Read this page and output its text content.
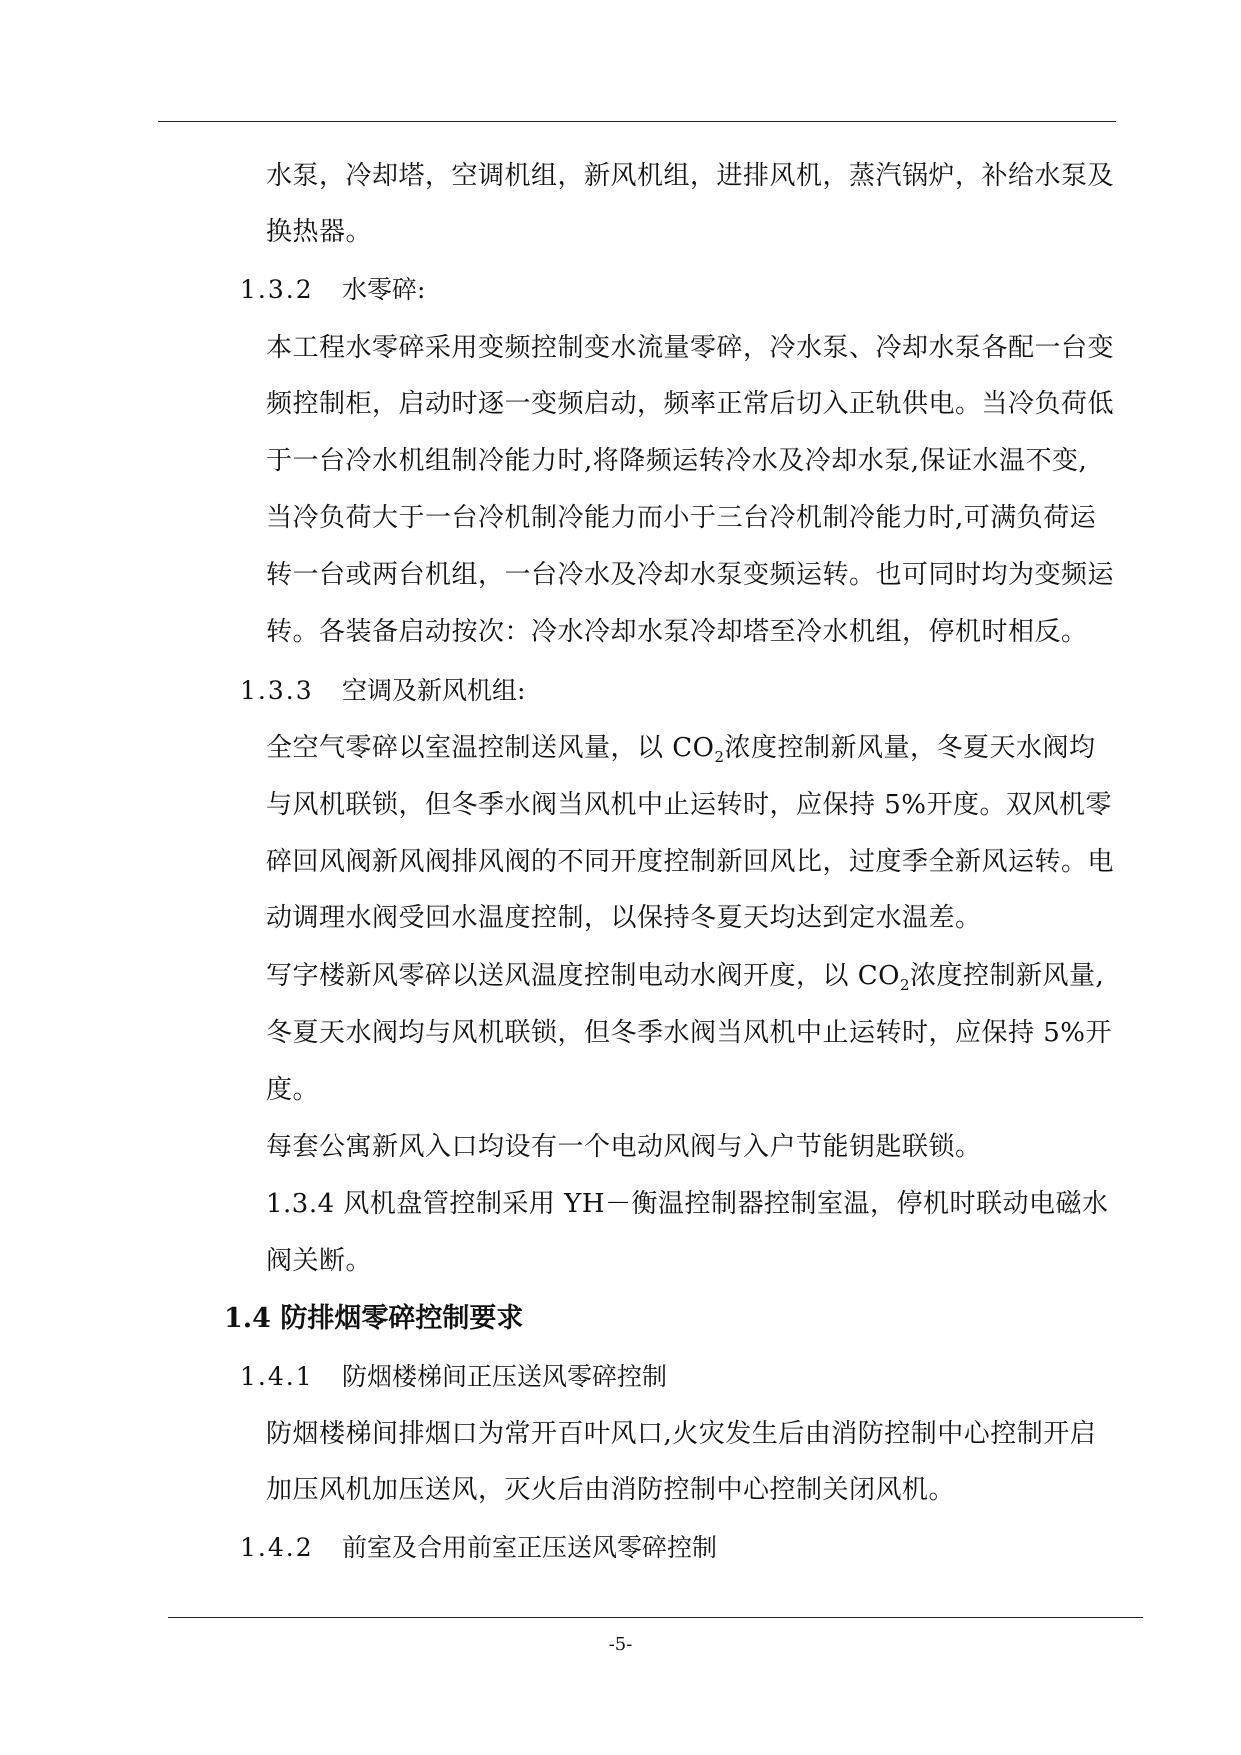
水泵，冷却塔，空调机组，新风机组，进排风机，蒸汽锅炉，补给水泵及
换热器。
1.3.2 水零碎:
本工程水零碎采用变频控制变水流量零碎，冷水泵、冷却水泵各配一台变
频控制柜，启动时逐一变频启动，频率正常后切入正轨供电。当冷负荷低
于一台冷水机组制冷能力时,将降频运转冷水及冷却水泵,保证水温不变,
当冷负荷大于一台冷机制冷能力而小于三台冷机制冷能力时,可满负荷运
转一台或两台机组，一台冷水及冷却水泵变频运转。也可同时均为变频运
转。各装备启动按次：冷水冷却水泵冷却塔至冷水机组，停机时相反。
1.3.3 空调及新风机组:
全空气零碎以室温控制送风量，以 $CO_2$浓度控制新风量，冬夏天水阀均
与风机联锁，但冬季水阀当风机中止运转时，应保持 5%开度。双风机零
碎回风阀新风阀排风阀的不同开度控制新回风比，过度季全新风运转。电
动调理水阀受回水温度控制，以保持冬夏天均达到定水温差。
写字楼新风零碎以送风温度控制电动水阀开度，以 $CO_2$浓度控制新风量,
冬夏天水阀均与风机联锁，但冬季水阀当风机中止运转时，应保持 5%开
度。
每套公寓新风入口均设有一个电动风阀与入户节能钥匙联锁。
1.3.4 风机盘管控制采用 YH－衡温控制器控制室温，停机时联动电磁水
阀关断。
1.4 防排烟零碎控制要求
1.4.1 防烟楼梯间正压送风零碎控制
防烟楼梯间排烟口为常开百叶风口,火灾发生后由消防控制中心控制开启
加压风机加压送风，灭火后由消防控制中心控制关闭风机。
1.4.2 前室及合用前室正压送风零碎控制
-5-
